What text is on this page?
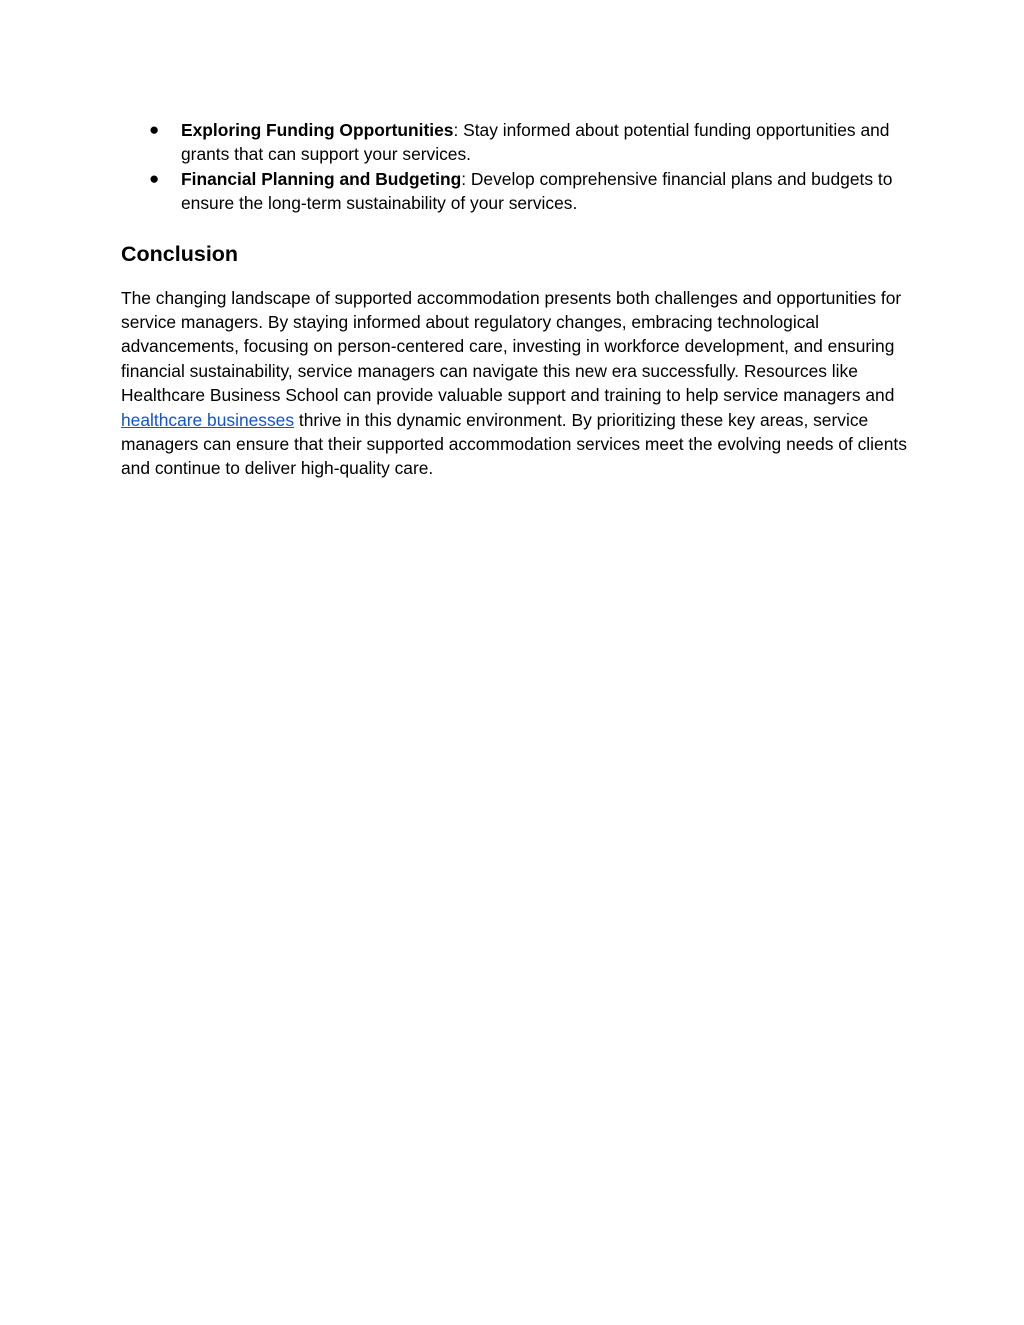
● Exploring Funding Opportunities: Stay informed about potential funding opportunities and grants that can support your services.
● Financial Planning and Budgeting: Develop comprehensive financial plans and budgets to ensure the long-term sustainability of your services.
Conclusion

The changing landscape of supported accommodation presents both challenges and opportunities for service managers. By staying informed about regulatory changes, embracing technological advancements, focusing on person-centered care, investing in workforce development, and ensuring financial sustainability, service managers can navigate this new era successfully. Resources like Healthcare Business School can provide valuable support and training to help service managers and healthcare businesses thrive in this dynamic environment. By prioritizing these key areas, service managers can ensure that their supported accommodation services meet the evolving needs of clients and continue to deliver high-quality care.
